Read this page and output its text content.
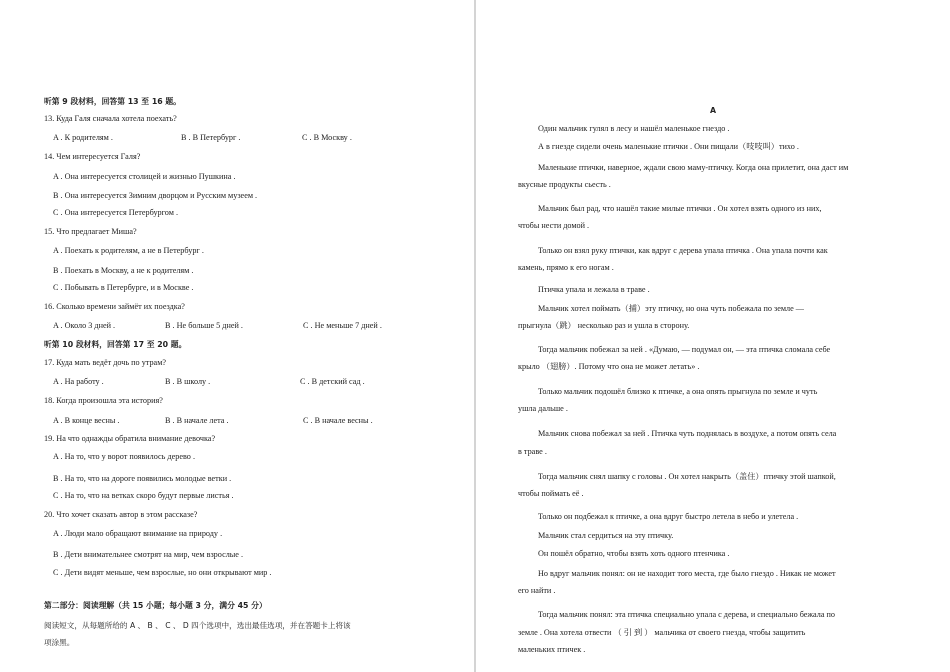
听第 9 段材料，回答第 13 至 16 题。
13. Куда Галя сначала хотела поехать?
A . К родителям .	B . В Петербург .	C . В Москву .
14. Чем интересуется Галя?
A . Она интересуется столицей и жизнью Пушкина .
B . Она интересуется Зимним дворцом и Русским музеем .
C . Она интересуется Петербургом .
15. Что предлагает Миша?
A . Поехать к родителям, а не в Петербург .
B . Поехать в Москву, а не к родителям .
C . Побывать в Петербурге, и в Москве .
16. Сколько времени займёт их поездка?
A . Около 3 дней .	B . Не больше 5 дней .	C . Не меньше 7 дней .
听第 10 段材料，回答第 17 至 20 题。
17. Куда мать ведёт дочь по утрам?
A . На работу .	B . В школу .	C . В детский сад .
18. Когда произошла эта история?
A . В конце весны .	B . В начале лета .	C . В начале весны .
19. На что однажды обратила внимание девочка?
A . На то, что у ворот появилось дерево .
B . На то, что на дороге появились молодые ветки .
C . На то, что на ветках скоро будут первые листья .
20. Что хочет сказать автор в этом рассказе?
A . Люди мало обращают внимание на природу .
B . Дети внимательнее смотрят на мир, чем взрослые .
C . Дети видят меньше, чем взрослые, но они открывают мир .
第二部分：阅读理解（共 15 小题；每小题 3 分，满分 45 分）
阅读短文，从每题所给的 A 、 B 、 C 、 D 四个选项中，选出最佳选项，并在答题卡上将该
项涂黑。
A
Один мальчик гулял в лесу и нашёл маленькое гнездо .
А в гнезде сидели очень маленькие птички . Они пищали（吱吱叫）тихо .
Маленькие птички, наверное, ждали свою маму-птичку. Когда она прилетит, она даст им
вкусные продукты сьесть .
Мальчик был рад, что нашёл такие милые птички . Он хотел взять одного из них,
чтобы нести домой .
Только он взял руку птички, как вдруг с дерева упала птичка . Она упала почти как
камень, прямо к его ногам .
Птичка упала и лежала в траве .
Мальчик хотел поймать（捕）эту птичку, но она чуть побежала по земле —
прыгнула（跳） несколько раз и ушла в сторону.
Тогда мальчик побежал за ней . «Думаю, — подумал он, — эта птичка сломала себе
крыло （翅膀）. Потому что она не может летать» .
Только мальчик подошёл близко к птичке, а она опять прыгнула по земле и чуть
ушла дальше .
Мальчик снова побежал за ней . Птичка чуть поднялась в воздухе, а потом опять села
в траве .
Тогда мальчик снял шапку с головы . Он хотел накрыть（盖住）птичку этой шапкой,
чтобы поймать её .
Только он подбежал к птичке, а она вдруг быстро летела в небо и улетела .
Мальчик стал сердиться на эту птичку.
Он пошёл обратно, чтобы взять хоть одного птенчика .
Но вдруг мальчик понял: он не находит того места, где было гнездо . Никак не может
его найти .
Тогда мальчик понял: эта птичка специально упала с дерева, и специально бежала по
земле . Она хотела отвести （ 引 到 ） мальчика от своего гнезда, чтобы защитить
маленьких птичек .
